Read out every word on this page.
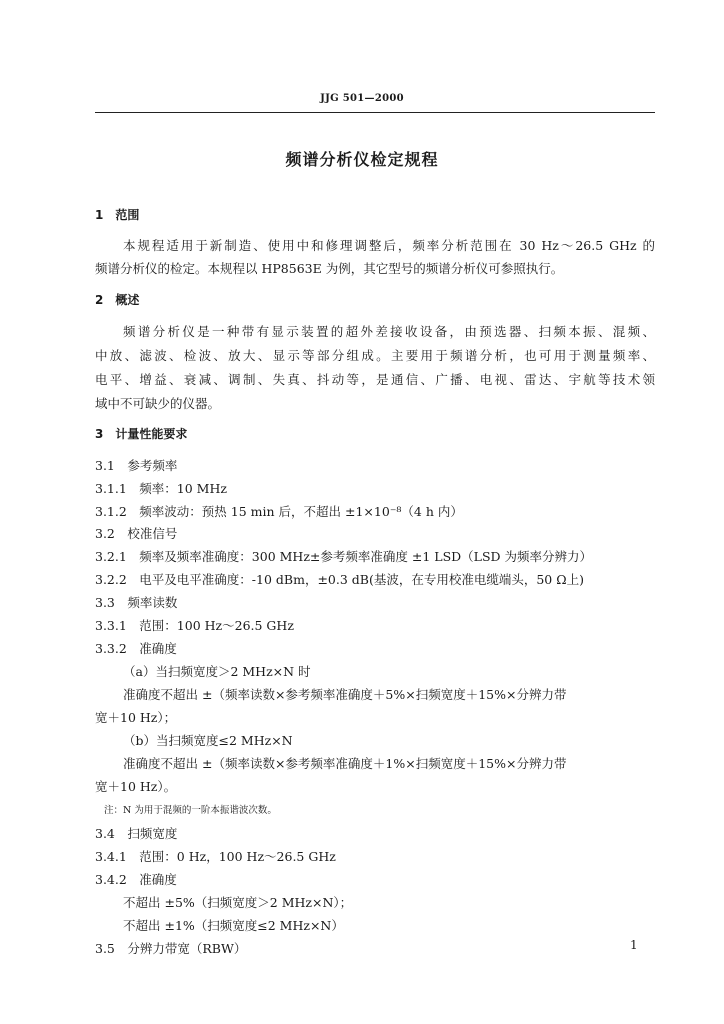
JJG 501—2000
频谱分析仪检定规程
1　范围
本规程适用于新制造、使用中和修理调整后，频率分析范围在 30 Hz～26.5 GHz 的
频谱分析仪的检定。本规程以 HP8563E 为例，其它型号的频谱分析仪可参照执行。
2　概述
频谱分析仪是一种带有显示装置的超外差接收设备，由预选器、扫频本振、混频、
中放、滤波、检波、放大、显示等部分组成。主要用于频谱分析，也可用于测量频率、
电平、增益、衰减、调制、失真、抖动等，是通信、广播、电视、雷达、宇航等技术领
域中不可缺少的仪器。
3　计量性能要求
3.1　参考频率
3.1.1　频率：10 MHz
3.1.2　频率波动：预热 15 min 后，不超出 ±1×10⁻⁸（4 h 内）
3.2　校准信号
3.2.1　频率及频率准确度：300 MHz±参考频率准确度 ±1 LSD（LSD 为频率分辨力）
3.2.2　电平及电平准确度：-10 dBm，±0.3 dB(基波，在专用校准电缆端头，50 Ω上)
3.3　频率读数
3.3.1　范围：100 Hz～26.5 GHz
3.3.2　准确度
（a）当扫频宽度＞2 MHz×N 时
准确度不超出 ±（频率读数×参考频率准确度＋5%×扫频宽度＋15%×分辨力带
宽＋10 Hz）；
（b）当扫频宽度≤2 MHz×N
准确度不超出 ±（频率读数×参考频率准确度＋1%×扫频宽度＋15%×分辨力带
宽＋10 Hz）。
注：N 为用于混频的一阶本振谐波次数。
3.4　扫频宽度
3.4.1　范围：0 Hz，100 Hz～26.5 GHz
3.4.2　准确度
不超出 ±5%（扫频宽度＞2 MHz×N）；
不超出 ±1%（扫频宽度≤2 MHz×N）
3.5　分辨力带宽（RBW）	1
